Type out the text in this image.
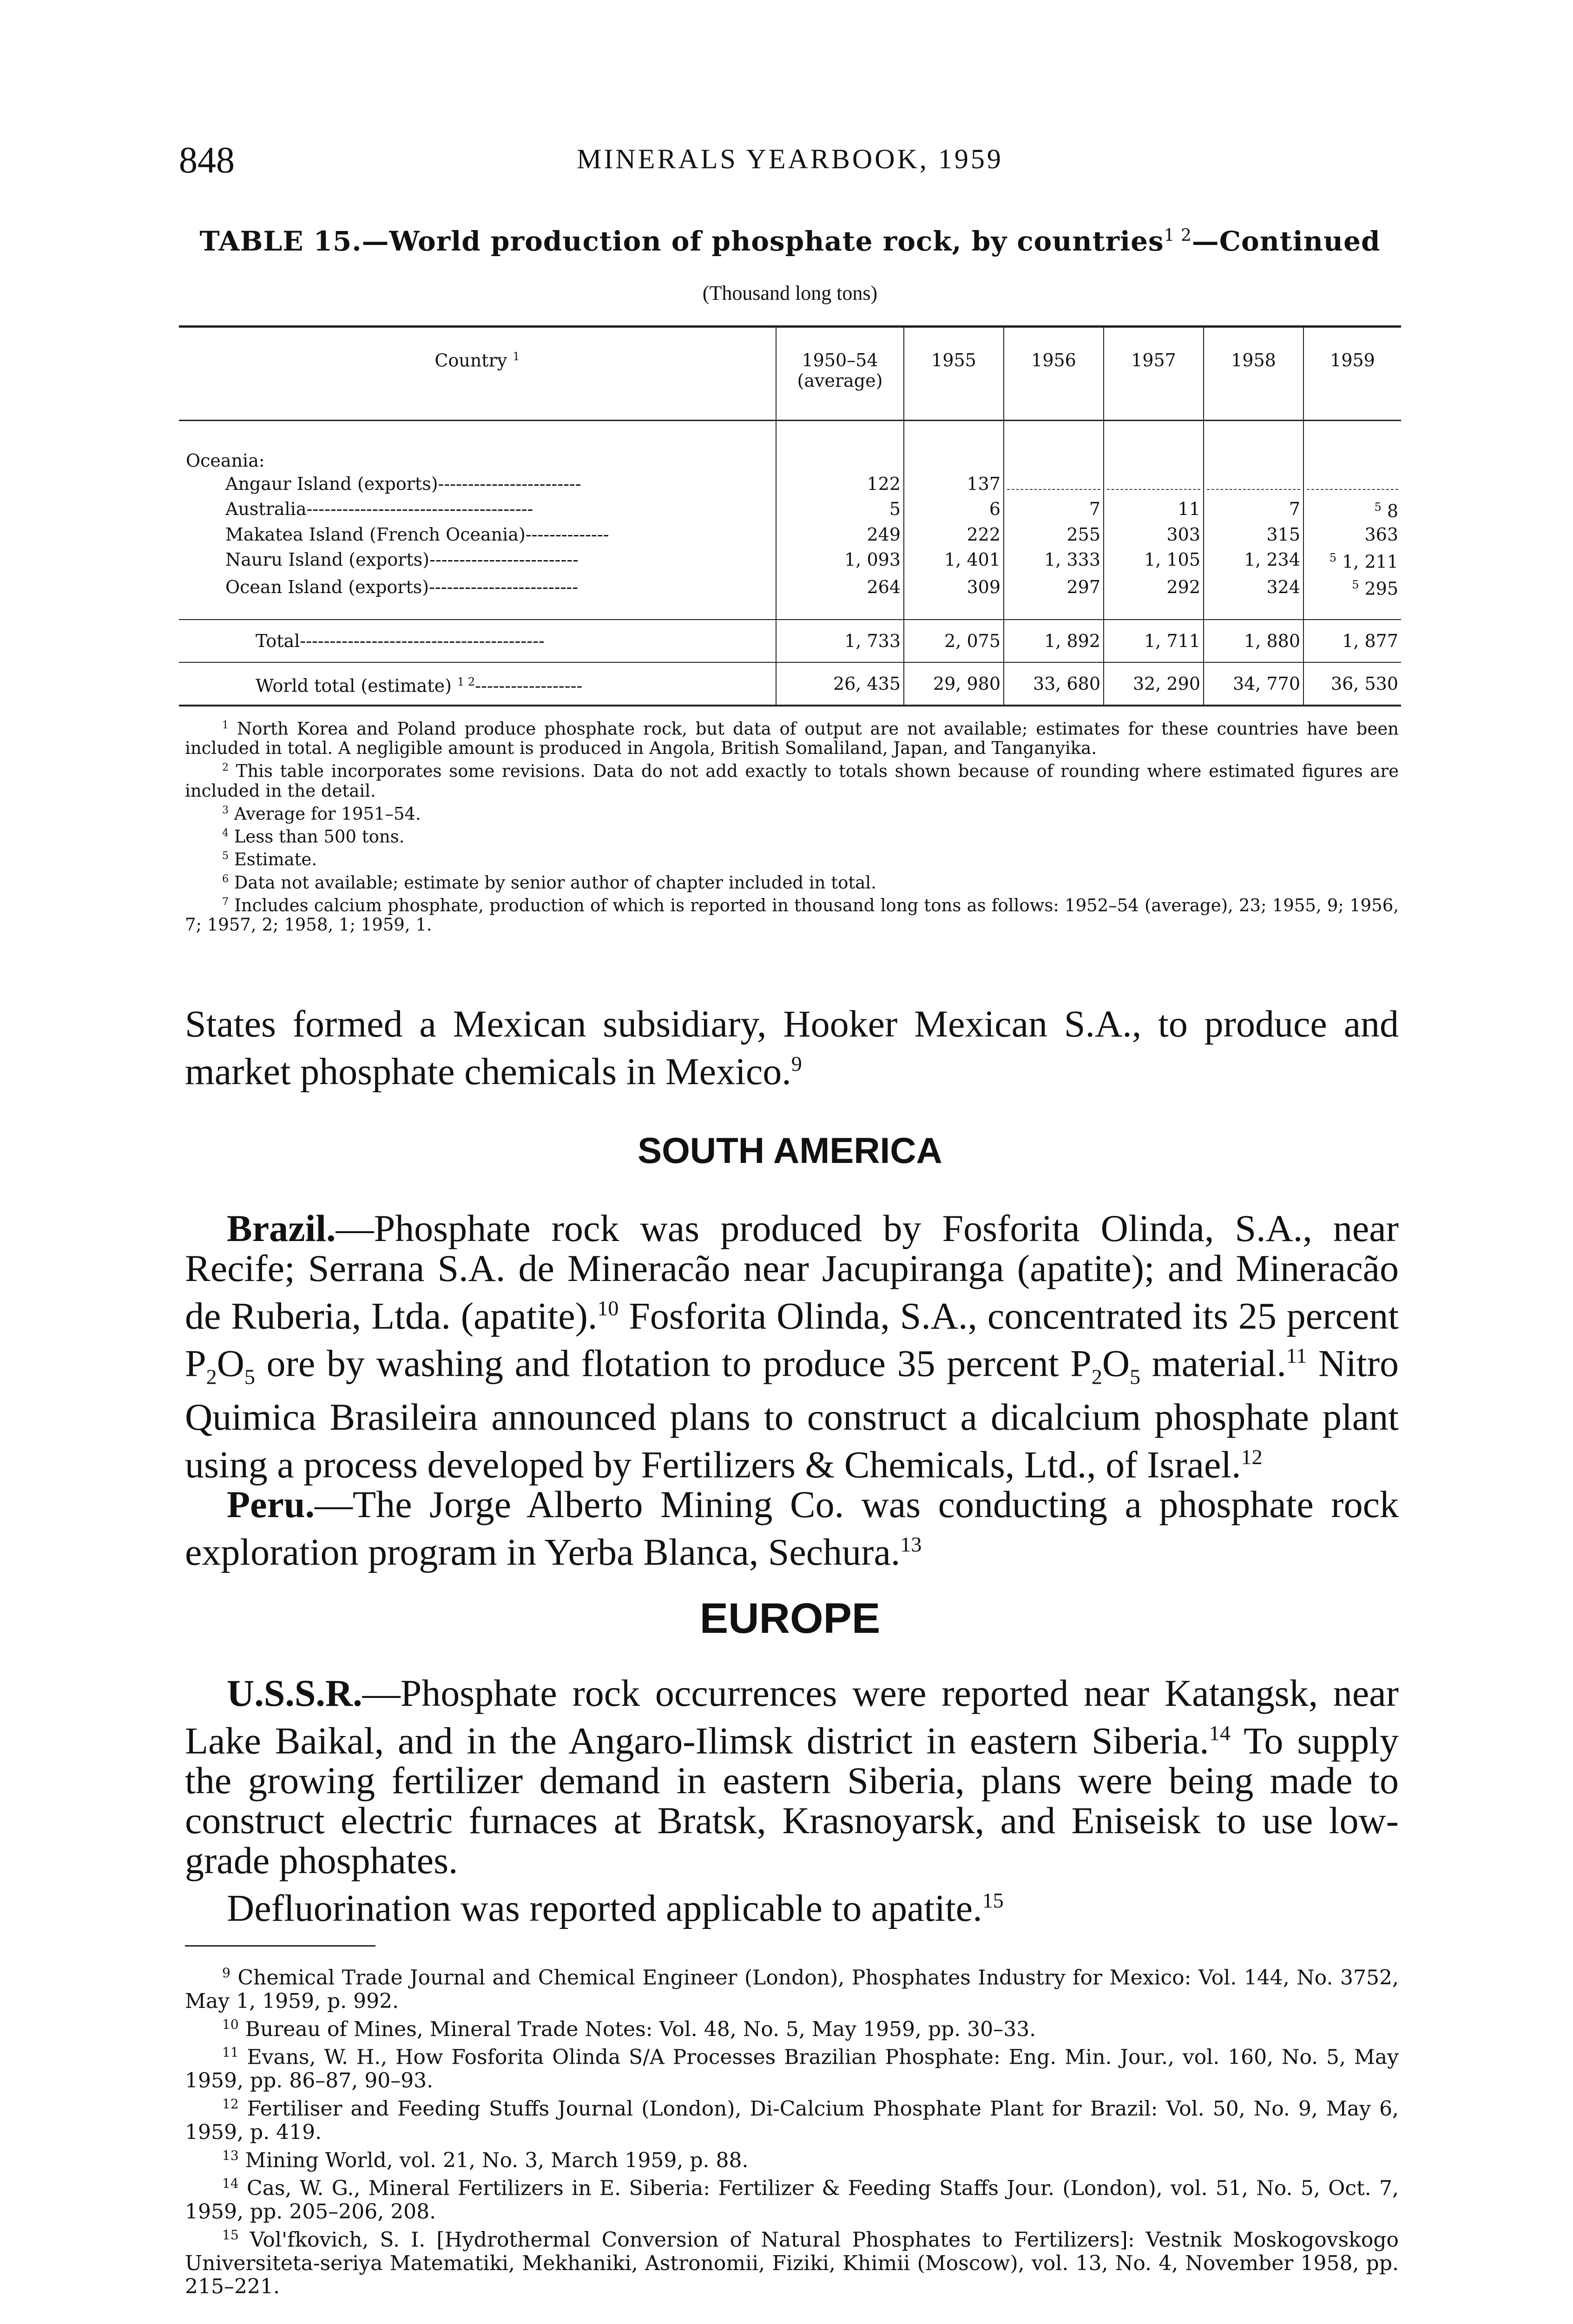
848	MINERALS YEARBOOK, 1959
TABLE 15.—World production of phosphate rock, by countries$^{1 2}$—Continued
(Thousand long tons)
Country $^1$	1950–54 (average)	1955	1956	1957	1958	1959
Oceania:						
Angaur Island (exports)------------------------	122	137				
Australia--------------------------------------	5	6	7	11	7	$^5$ 8
Makatea Island (French Oceania)--------------	249	222	255	303	315	363
Nauru Island (exports)-------------------------	1, 093	1, 401	1, 333	1, 105	1, 234	$^5$ 1, 211
Ocean Island (exports)-------------------------	264	309	297	292	324	$^5$ 295

Total-----------------------------------------	1, 733	2, 075	1, 892	1, 711	1, 880	1, 877
World total (estimate) $^{1 2}$------------------	26, 435	29, 980	33, 680	32, 290	34, 770	36, 530

$^1$ North Korea and Poland produce phosphate rock, but data of output are not available; estimates for these countries have been included in total. A negligible amount is produced in Angola, British Somaliland, Japan, and Tanganyika.

$^2$ This table incorporates some revisions. Data do not add exactly to totals shown because of rounding where estimated figures are included in the detail.

$^3$ Average for 1951–54.

$^4$ Less than 500 tons.

$^5$ Estimate.

$^6$ Data not available; estimate by senior author of chapter included in total.

$^7$ Includes calcium phosphate, production of which is reported in thousand long tons as follows: 1952–54 (average), 23; 1955, 9; 1956, 7; 1957, 2; 1958, 1; 1959, 1.

States formed a Mexican subsidiary, Hooker Mexican S.A., to produce and market phosphate chemicals in Mexico.$^9$

SOUTH AMERICA

Brazil.—Phosphate rock was produced by Fosforita Olinda, S.A., near Recife; Serrana S.A. de Mineracão near Jacupiranga (apatite); and Mineracão de Ruberia, Ltda. (apatite).$^{10}$ Fosforita Olinda, S.A., concentrated its 25 percent $P_2O_5$ ore by washing and flotation to produce 35 percent $P_2O_5$ material.$^{11}$ Nitro Quimica Brasileira announced plans to construct a dicalcium phosphate plant using a process developed by Fertilizers & Chemicals, Ltd., of Israel.$^{12}$

Peru.—The Jorge Alberto Mining Co. was conducting a phosphate rock exploration program in Yerba Blanca, Sechura.$^{13}$

EUROPE

U.S.S.R.—Phosphate rock occurrences were reported near Katangsk, near Lake Baikal, and in the Angaro-Ilimsk district in eastern Siberia.$^{14}$ To supply the growing fertilizer demand in eastern Siberia, plans were being made to construct electric furnaces at Bratsk, Krasnoyarsk, and Eniseisk to use low-grade phosphates.

Defluorination was reported applicable to apatite.$^{15}$

$^9$ Chemical Trade Journal and Chemical Engineer (London), Phosphates Industry for Mexico: Vol. 144, No. 3752, May 1, 1959, p. 992.

$^{10}$ Bureau of Mines, Mineral Trade Notes: Vol. 48, No. 5, May 1959, pp. 30–33.

$^{11}$ Evans, W. H., How Fosforita Olinda S/A Processes Brazilian Phosphate: Eng. Min. Jour., vol. 160, No. 5, May 1959, pp. 86–87, 90–93.

$^{12}$ Fertiliser and Feeding Stuffs Journal (London), Di-Calcium Phosphate Plant for Brazil: Vol. 50, No. 9, May 6, 1959, p. 419.

$^{13}$ Mining World, vol. 21, No. 3, March 1959, p. 88.

$^{14}$ Cas, W. G., Mineral Fertilizers in E. Siberia: Fertilizer & Feeding Staffs Jour. (London), vol. 51, No. 5, Oct. 7, 1959, pp. 205–206, 208.

$^{15}$ Vol'fkovich, S. I. [Hydrothermal Conversion of Natural Phosphates to Fertilizers]: Vestnik Moskogovskogo Universiteta-seriya Matematiki, Mekhaniki, Astronomii, Fiziki, Khimii (Moscow), vol. 13, No. 4, November 1958, pp. 215–221.
